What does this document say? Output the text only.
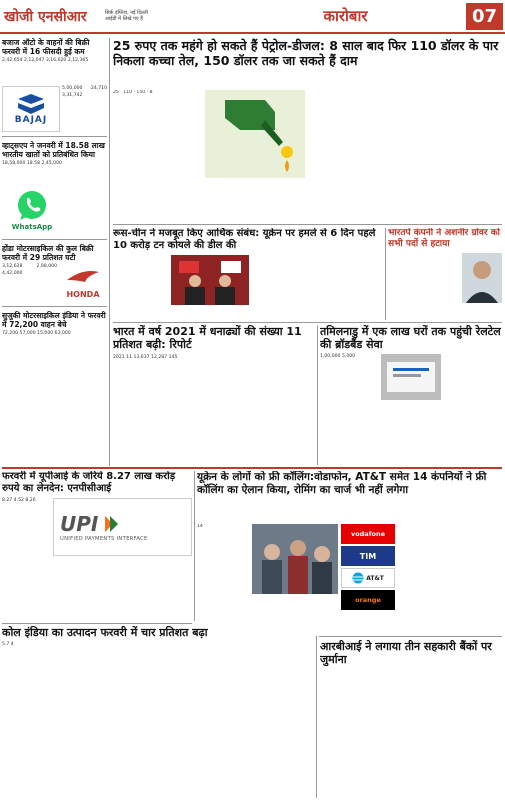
खोजी एनसीआर	सिर्फ़ इंग्लिश, नई दिल्ली
आईडी में लिखे गए हैं	कारोबार	07
बजाज ऑटो के वाहनों की बिक्री फरवरी में 16 फीसदी हुई कम
2,42,654 2,12,047 3,16,020 2,12,365
BAJAJ
5,00,000 24,710 3,31,742
व्हाट्सएप ने जनवरी में 18.58 लाख भारतीय खातों को प्रतिबंधित किया
18,58,000 18.58 2,45,000
WhatsApp
होंडा मोटरसाइकिल की कुल बिक्री फरवरी में 29 प्रतिशत घटी
3,12,628	2,98,000 4,42,000
HONDA
सुजुकी मोटरसाइकिल इंडिया ने फरवरी में 72,200 वाहन बेचे
72,200 57,000 15,000 63,000
25 रुपए तक महंगे हो सकते हैं पेट्रोल-डीजल: 8 साल बाद फिर 110 डॉलर के पार निकला कच्चा तेल, 150 डॉलर तक जा सकते हैं दाम
25 · 110 · 150 · 8
रूस-चीन ने मजबूत किए आर्थिक संबंध: यूक्रेन पर हमले से 6 दिन पहले 10 करोड़ टन कोयले की डील की
भारतपे कंपनी ने अशनीर ग्रोवर को सभी पदों से हटाया
भारत में वर्ष 2021 में धनाढ्यों की संख्या 11 प्रतिशत बढ़ी: रिपोर्ट
2021 11 13,637 12,287 145
तमिलनाडु में एक लाख घरों तक पहुंची रेलटेल की ब्रॉडबैंड सेवा
1,00,000 5,000
फरवरी में यूपीआई के जरिये 8.27 लाख करोड़ रुपये का लेनदेन: एनपीसीआई
8.27 4.52 8.26
UPI
UNIFIED PAYMENTS INTERFACE
यूक्रेन के लोगों को फ्री कॉलिंग:वोडाफोन, AT&T समेत 14 कंपनियों ने फ्री कॉलिंग का ऐलान किया, रोमिंग का चार्ज भी नहीं लगेगा
14
vodafone
TIM
AT&T
orange
कोल इंडिया का उत्पादन फरवरी में चार प्रतिशत बढ़ा
5.7 4	आरबीआई ने लगाया तीन सहकारी बैंकों पर जुर्माना
